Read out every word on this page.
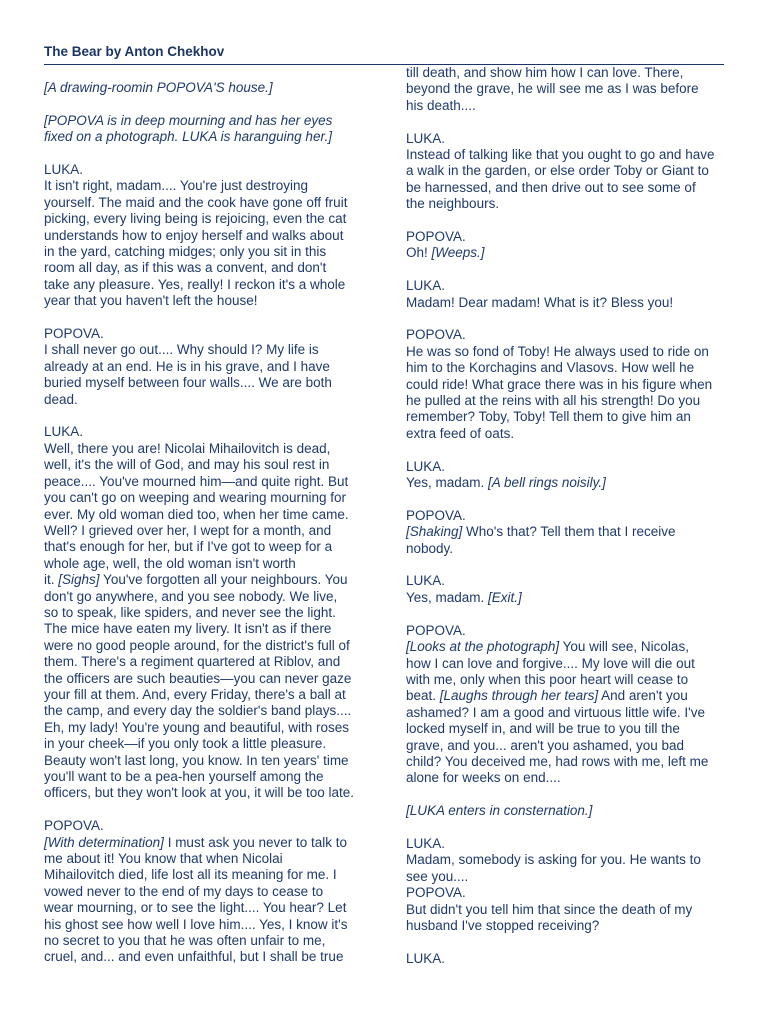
The Bear by Anton Chekhov
[A drawing-roomin POPOVA'S house.]
[POPOVA is in deep mourning and has her eyes
fixed on a photograph. LUKA is haranguing her.]
LUKA.
It isn't right, madam.... You're just destroying
yourself. The maid and the cook have gone off fruit
picking, every living being is rejoicing, even the cat
understands how to enjoy herself and walks about
in the yard, catching midges; only you sit in this
room all day, as if this was a convent, and don't
take any pleasure. Yes, really! I reckon it's a whole
year that you haven't left the house!
POPOVA.
I shall never go out.... Why should I? My life is
already at an end. He is in his grave, and I have
buried myself between four walls.... We are both
dead.
LUKA.
Well, there you are! Nicolai Mihailovitch is dead,
well, it's the will of God, and may his soul rest in
peace.... You've mourned him—and quite right. But
you can't go on weeping and wearing mourning for
ever. My old woman died too, when her time came.
Well? I grieved over her, I wept for a month, and
that's enough for her, but if I've got to weep for a
whole age, well, the old woman isn't worth
it. [Sighs] You've forgotten all your neighbours. You
don't go anywhere, and you see nobody. We live,
so to speak, like spiders, and never see the light.
The mice have eaten my livery. It isn't as if there
were no good people around, for the district's full of
them. There's a regiment quartered at Riblov, and
the officers are such beauties—you can never gaze
your fill at them. And, every Friday, there's a ball at
the camp, and every day the soldier's band plays....
Eh, my lady! You're young and beautiful, with roses
in your cheek—if you only took a little pleasure.
Beauty won't last long, you know. In ten years' time
you'll want to be a pea-hen yourself among the
officers, but they won't look at you, it will be too late.
POPOVA.
[With determination] I must ask you never to talk to
me about it! You know that when Nicolai
Mihailovitch died, life lost all its meaning for me. I
vowed never to the end of my days to cease to
wear mourning, or to see the light.... You hear? Let
his ghost see how well I love him.... Yes, I know it's
no secret to you that he was often unfair to me,
cruel, and... and even unfaithful, but I shall be true
till death, and show him how I can love. There,
beyond the grave, he will see me as I was before
his death....
LUKA.
Instead of talking like that you ought to go and have
a walk in the garden, or else order Toby or Giant to
be harnessed, and then drive out to see some of
the neighbours.
POPOVA.
Oh! [Weeps.]
LUKA.
Madam! Dear madam! What is it? Bless you!
POPOVA.
He was so fond of Toby! He always used to ride on
him to the Korchagins and Vlasovs. How well he
could ride! What grace there was in his figure when
he pulled at the reins with all his strength! Do you
remember? Toby, Toby! Tell them to give him an
extra feed of oats.
LUKA.
Yes, madam. [A bell rings noisily.]
POPOVA.
[Shaking] Who's that? Tell them that I receive
nobody.
LUKA.
Yes, madam. [Exit.]
POPOVA.
[Looks at the photograph] You will see, Nicolas,
how I can love and forgive.... My love will die out
with me, only when this poor heart will cease to
beat. [Laughs through her tears] And aren't you
ashamed? I am a good and virtuous little wife. I've
locked myself in, and will be true to you till the
grave, and you... aren't you ashamed, you bad
child? You deceived me, had rows with me, left me
alone for weeks on end....
[LUKA enters in consternation.]
LUKA.
Madam, somebody is asking for you. He wants to
see you....
POPOVA.
But didn't you tell him that since the death of my
husband I've stopped receiving?
LUKA.
